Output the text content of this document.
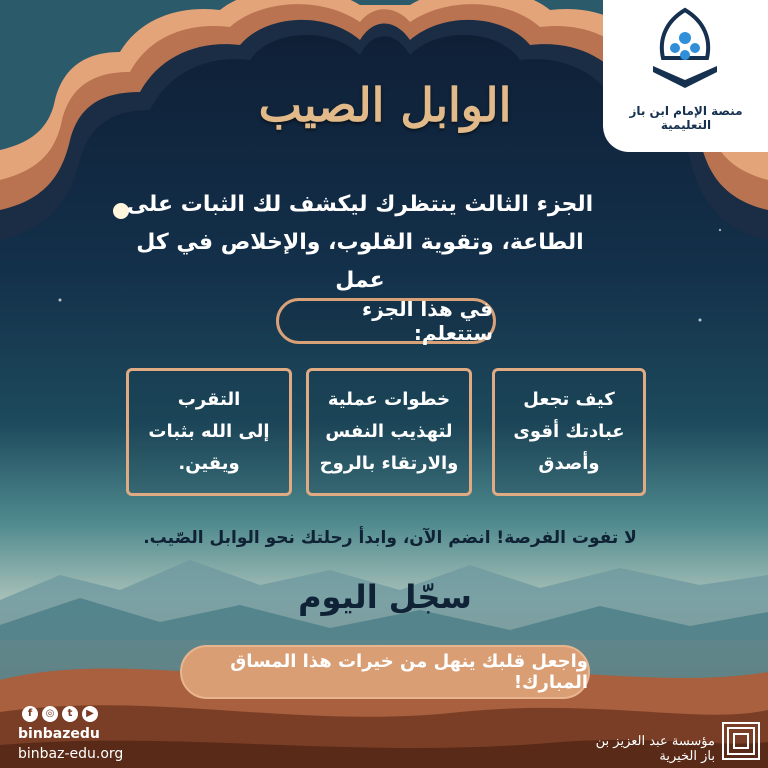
منصة الإمام ابن باز التعليمية
الوابل الصيب
الجزء الثالث ينتظرك ليكشف لك الثبات على
الطاعة، وتقوية القلوب، والإخلاص في كل عمل
في هذا الجزء ستتعلم:
كيف تجعل
عبادتك أقوى
وأصدق
خطوات عملية
لتهذيب النفس
والارتقاء بالروح
التقرب
إلى الله بثبات
ويقين.
لا تفوت الفرصة! انضم الآن، وابدأ رحلتك نحو الوابل الصّيب.
سجّل اليوم
واجعل قلبك ينهل من خيرات هذا المساق المبارك!
f	◎	t	▶
binbazedu
binbaz-edu.org
مؤسسة عبد العزيز بن باز الخيرية
